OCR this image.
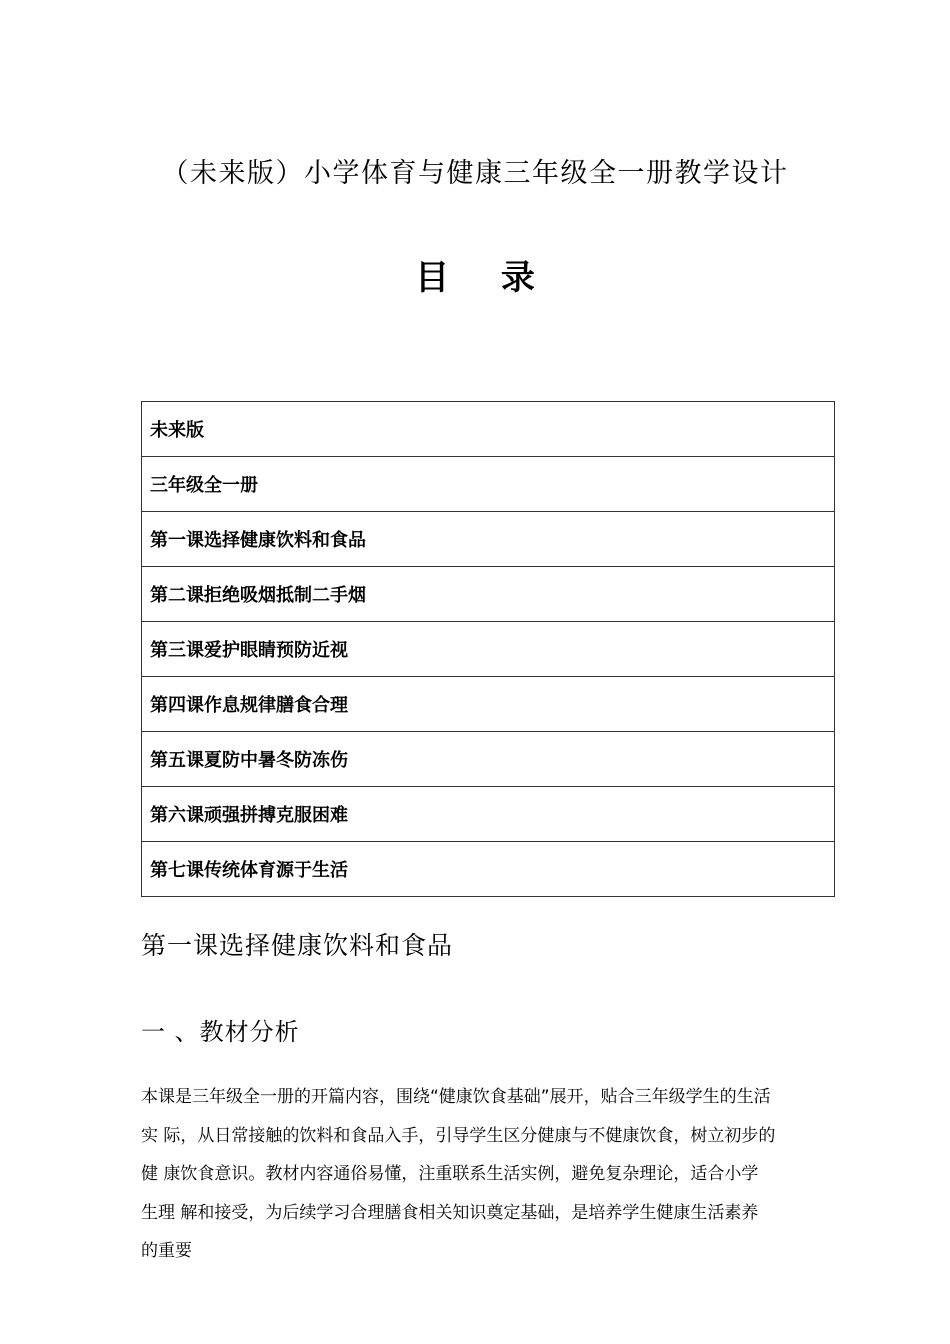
（未来版）小学体育与健康三年级全一册教学设计
目 录
未来版
三年级全一册
第一课选择健康饮料和食品
第二课拒绝吸烟抵制二手烟
第三课爱护眼睛预防近视
第四课作息规律膳食合理
第五课夏防中暑冬防冻伤
第六课顽强拼搏克服困难
第七课传统体育源于生活
第一课选择健康饮料和食品
一 、教材分析

本课是三年级全一册的开篇内容，围绕“健康饮食基础”展开，贴合三年级学生的生活
实 际，从日常接触的饮料和食品入手，引导学生区分健康与不健康饮食，树立初步的
健 康饮食意识。教材内容通俗易懂，注重联系生活实例，避免复杂理论，适合小学
生理 解和接受，为后续学习合理膳食相关知识奠定基础，是培养学生健康生活素养
的重要
